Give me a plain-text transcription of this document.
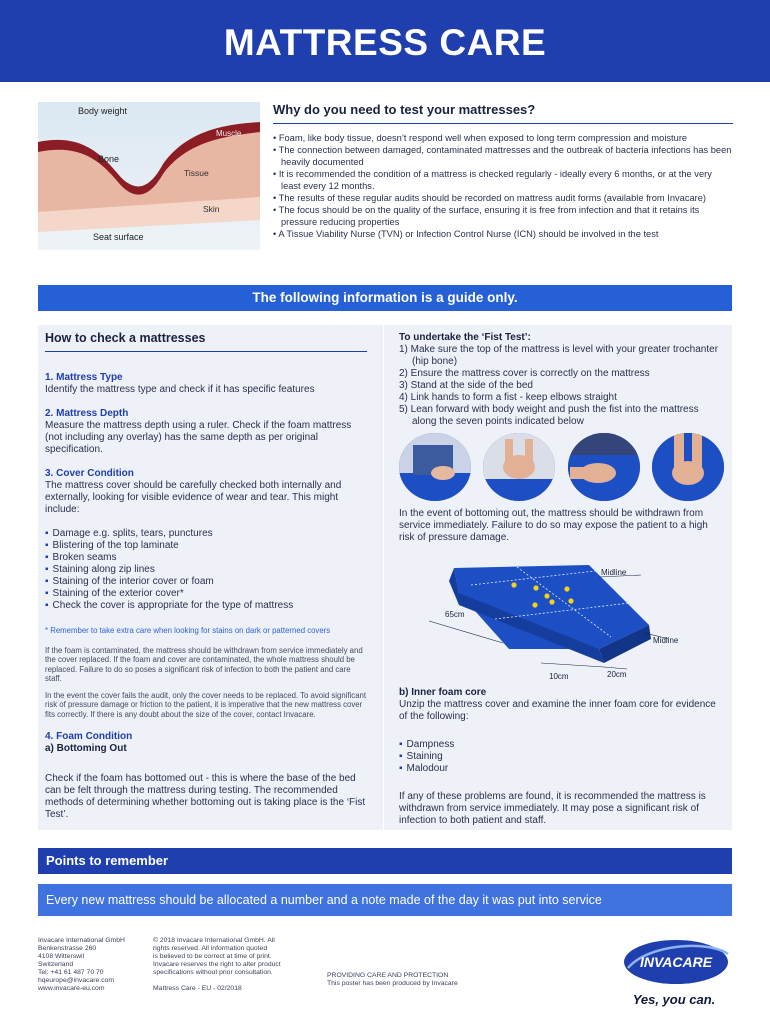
MATTRESS CARE
Body weight
Muscle
Bone
Tissue
Skin
Seat surface
Why do you need to test your mattresses?
• Foam, like body tissue, doesn’t respond well when exposed to long term compression and moisture
• The connection between damaged, contaminated mattresses and the outbreak of bacteria infections has been heavily documented
• It is recommended the condition of a mattress is checked regularly - ideally every 6 months, or at the very least every 12 months.
• The results of these regular audits should be recorded on mattress audit forms (available from Invacare)
• The focus should be on the quality of the surface, ensuring it is free from infection and that it retains its pressure reducing properties
• A Tissue Viability Nurse (TVN) or Infection Control Nurse (ICN) should be involved in the test
The following information is a guide only.
How to check a mattresses
1. Mattress Type
Identify the mattress type and check if it has specific features
2. Mattress Depth
Measure the mattress depth using a ruler. Check if the foam mattress (not including any overlay) has the same depth as per original specification.
3. Cover Condition
The mattress cover should be carefully checked both internally and externally, looking for visible evidence of wear and tear. This might include:
▪ Damage e.g. splits, tears, punctures
▪ Blistering of the top laminate
▪ Broken seams
▪ Staining along zip lines
▪ Staining of the interior cover or foam
▪ Staining of the exterior cover*
▪ Check the cover is appropriate for the type of mattress
* Remember to take extra care when looking for stains on dark or patterned covers
If the foam is contaminated, the mattress should be withdrawn from service immediately and the cover replaced. If the foam and cover are contaminated, the whole mattress should be replaced. Failure to do so poses a significant risk of infection to both the patient and care staff.
In the event the cover fails the audit, only the cover needs to be replaced. To avoid significant risk of pressure damage or friction to the patient, it is imperative that the new mattress cover fits correctly. If there is any doubt about the size of the cover, contact Invacare.
4. Foam Condition
a) Bottoming Out
Check if the foam has bottomed out - this is where the base of the bed can be felt through the mattress during testing. The recommended methods of determining whether bottoming out is taking place is the ‘Fist Test’.
To undertake the ‘Fist Test’:
1) Make sure the top of the mattress is level with your greater trochanter (hip bone)
2) Ensure the mattress cover is correctly on the mattress
3) Stand at the side of the bed
4) Link hands to form a fist - keep elbows straight
5) Lean forward with body weight and push the fist into the mattress along the seven points indicated below
In the event of bottoming out, the mattress should be withdrawn from service immediately. Failure to do so may expose the patient to a high risk of pressure damage.
Midline
Midline
65cm
10cm	20cm
b) Inner foam core
Unzip the mattress cover and examine the inner foam core for evidence of the following:
▪ Dampness
▪ Staining
▪ Malodour
If any of these problems are found, it is recommended the mattress is withdrawn from service immediately. It may pose a significant risk of infection to both patient and staff.
Points to remember
Every new mattress should be allocated a number and a note made of the day it was put into service
Invacare International GmbH
Benkenstrasse 260
4108 Witterswil
Switzerland
Tel: +41 61 487 70 70
hqeurope@invacare.com
www.invacare-eu.com
© 2018 Invacare International GmbH. All
rights reserved. All information quoted
is believed to be correct at time of print.
Invacare reserves the right to alter product
specifications without prior consultation.
Mattress Care - EU - 02/2018
PROVIDING CARE AND PROTECTION
This poster has been produced by Invacare
INVACARE
Yes, you can.
